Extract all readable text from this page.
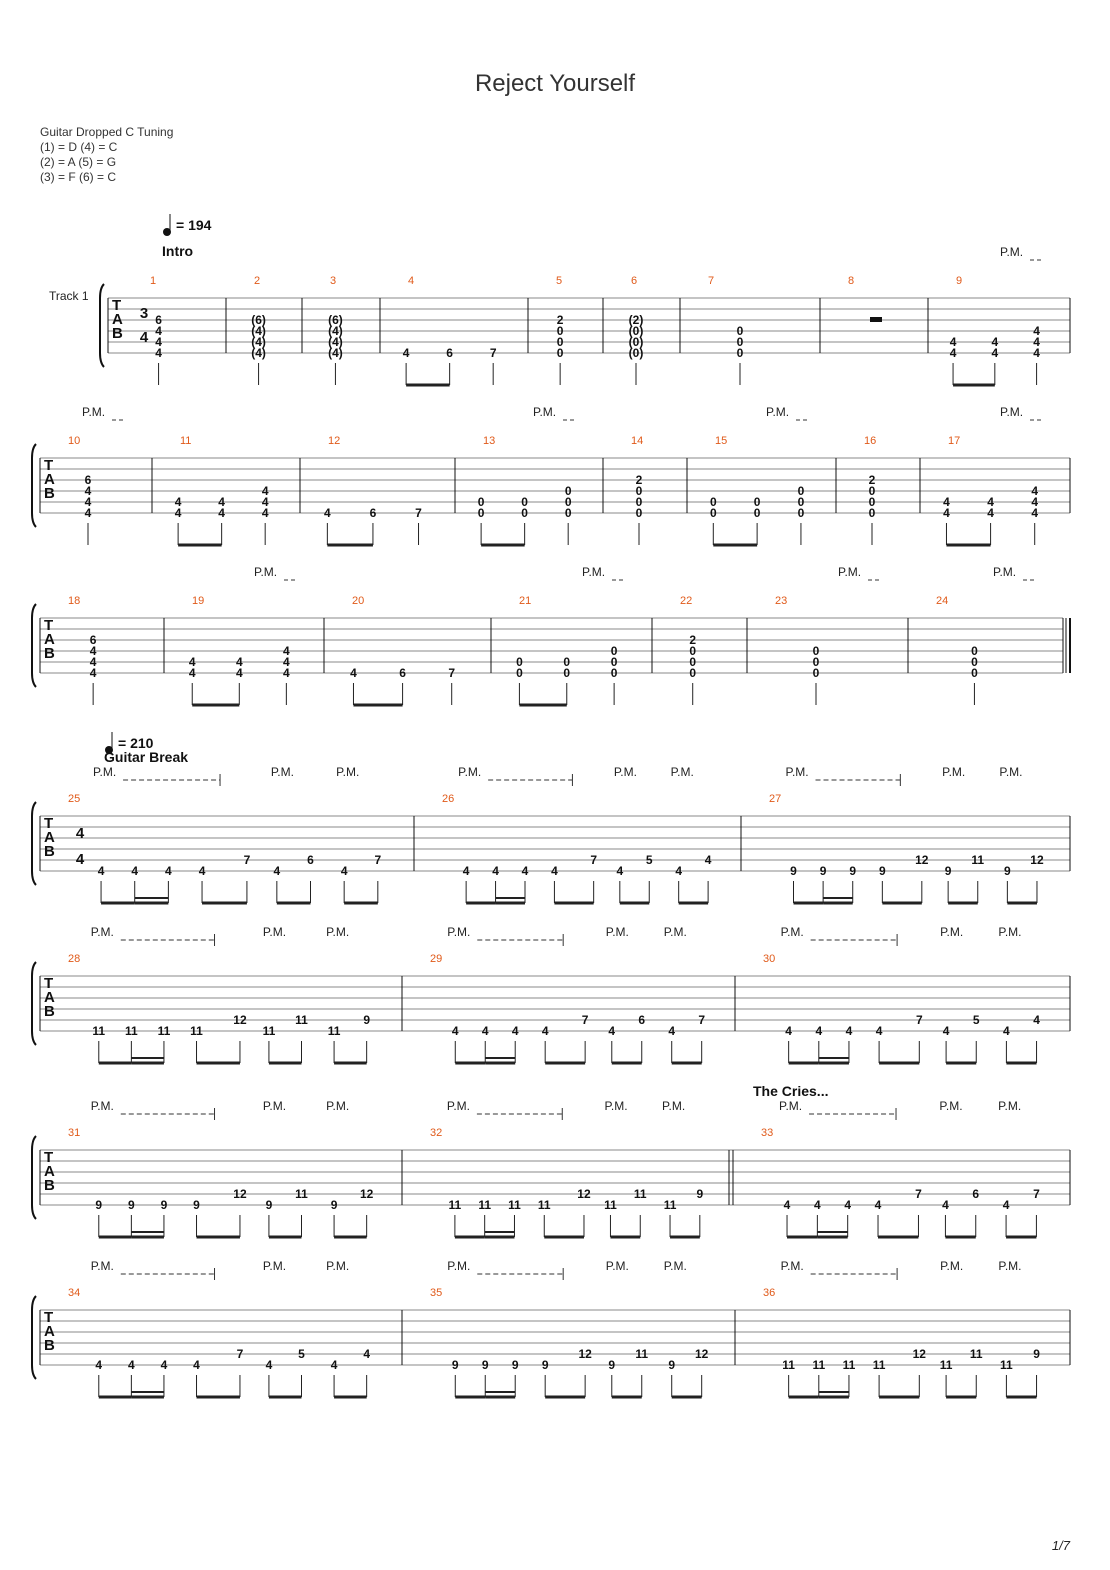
Reject Yourself
Guitar Dropped C Tuning
(1) = D (4) = C
(2) = A (5) = G
(3) = F (6) = C
T
A
B
1
6
4
4
4
2
(6)
(4)
(4)
(4)
3
(6)
(4)
(4)
(4)
4
4	6	7
5
2
0
0
0
6
(2)
(0)
(0)
(0)
7
0
0
0
8	9
4
4
4
4
4
4
4
P.M.
T
A
B
10
6
4
4
4
P.M.
11
4
4
4
4
4
4
4
12
4	6	7
13
0
0
0
0
0
0
0
P.M.
14
2
0
0
0
15
0
0
0
0
0
0
0
P.M.
16
2
0
0
0
17
4
4
4
4
4
4
4
P.M.
T
A
B
18
6
4
4
4
19
4
4
4
4
4
4
4
P.M.
20
4	6	7
21
0
0
0
0
0
0
0
P.M.
22
2
0
0
0
23
0
0
0
P.M.
24
0
0
0
P.M.
T
A
B
25
4 4 4 4
7
4
6
4
7
P.M.	P.M.	P.M.
26
4 4 4 4
7
4
5
4
4
P.M.	P.M.	P.M.
27
9 9 9 9
12
9
11
9
12
P.M.	P.M.	P.M.
T
A
B
28
11 11 11 11
12
11
11
11
9
P.M.	P.M.	P.M.
29
4 4 4 4
7
4
6
4
7
P.M.	P.M.	P.M.
30
4 4 4 4
7
4
5
4
4
P.M.	P.M.	P.M.
T
A
B
31
9 9 9 9
12
9
11
9
12
P.M.	P.M.	P.M.
32
11 11 11 11
12
11
11
11
9
P.M.	P.M.	P.M.
33
4 4 4 4
7
4
6
4
7
P.M.	P.M.	P.M.
T
A
B
34
4 4 4 4
7
4
5
4
4
P.M.	P.M.	P.M.
35
9 9 9 9
12
9
11
9
12
P.M.	P.M.	P.M.
36
11 11 11 11
12
11
11
11
9
P.M.	P.M.	P.M.
3
4
4
4
Track 1
= 194
= 210
Intro
Guitar Break
The Cries...
1/7
